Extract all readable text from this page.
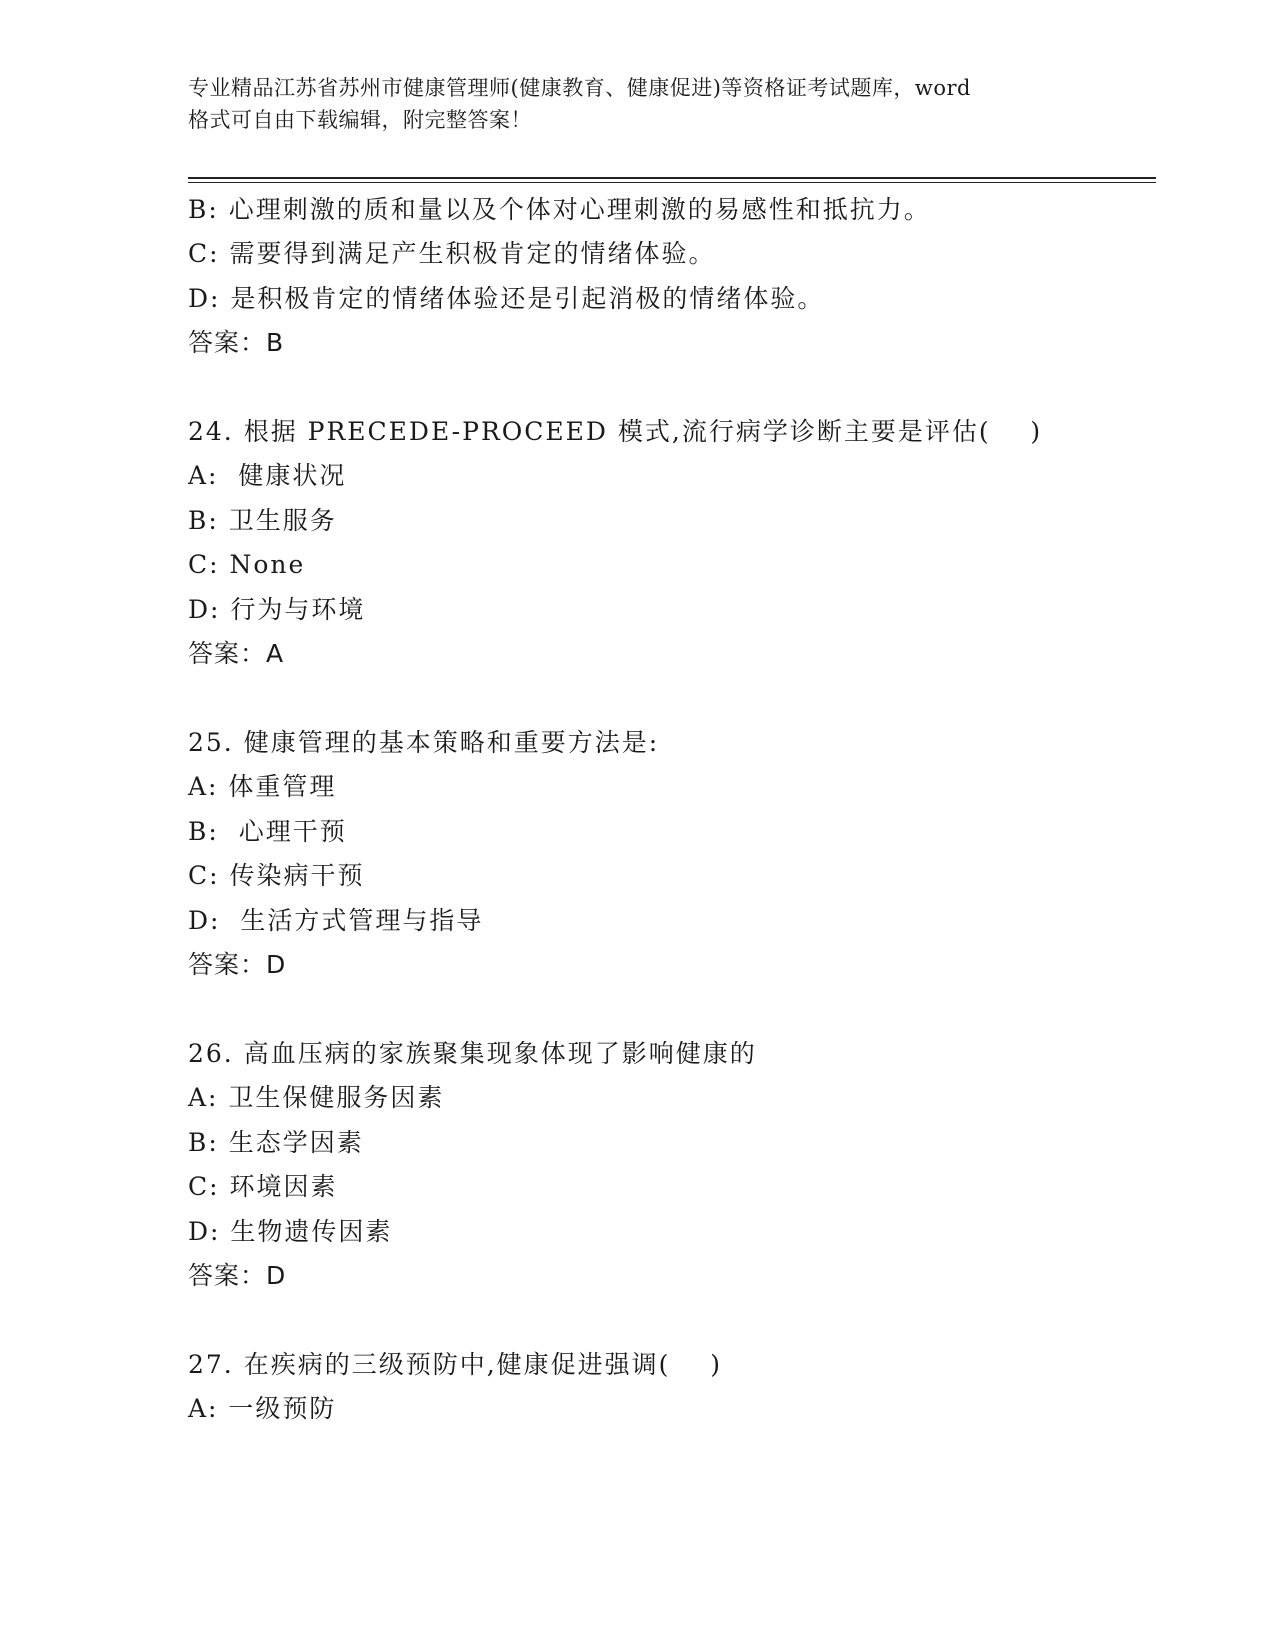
专业精品江苏省苏州市健康管理师(健康教育、健康促进)等资格证考试题库，word
格式可自由下载编辑，附完整答案！
B: 心理刺激的质和量以及个体对心理刺激的易感性和抵抗力。
C: 需要得到满足产生积极肯定的情绪体验。
D: 是积极肯定的情绪体验还是引起消极的情绪体验。
答案：B
24. 根据 PRECEDE-PROCEED 模式,流行病学诊断主要是评估(    )
A:  健康状况
B: 卫生服务
C: None
D: 行为与环境
答案：A
25. 健康管理的基本策略和重要方法是:
A: 体重管理
B:  心理干预
C: 传染病干预
D:  生活方式管理与指导
答案：D
26. 高血压病的家族聚集现象体现了影响健康的
A: 卫生保健服务因素
B: 生态学因素
C: 环境因素
D: 生物遗传因素
答案：D
27. 在疾病的三级预防中,健康促进强调(    )
A: 一级预防
